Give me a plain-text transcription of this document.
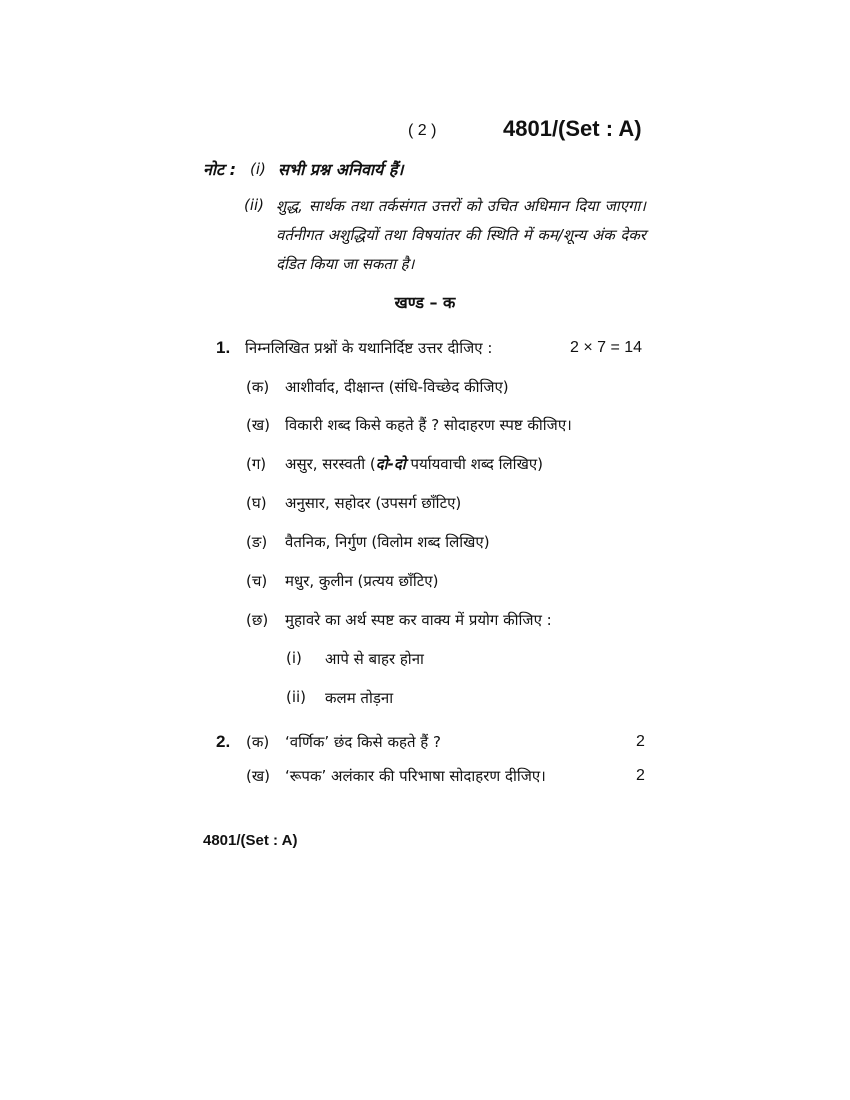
( 2 )	4801/(Set : A)
नोट : (i) सभी प्रश्न अनिवार्य हैं।
(ii) शुद्ध, सार्थक तथा तर्कसंगत उत्तरों को उचित अधिमान दिया जाएगा। वर्तनीगत अशुद्धियों तथा विषयांतर की स्थिति में कम/शून्य अंक देकर दंडित किया जा सकता है।
खण्ड – क
1. निम्नलिखित प्रश्नों के यथानिर्दिष्ट उत्तर दीजिए :	2 × 7 = 14
(क) आशीर्वाद, दीक्षान्त (संधि-विच्छेद कीजिए)
(ख) विकारी शब्द किसे कहते हैं ? सोदाहरण स्पष्ट कीजिए।
(ग) असुर, सरस्वती (दो-दो पर्यायवाची शब्द लिखिए)
(घ) अनुसार, सहोदर (उपसर्ग छाँटिए)
(ङ) वैतनिक, निर्गुण (विलोम शब्द लिखिए)
(च) मधुर, कुलीन (प्रत्यय छाँटिए)
(छ) मुहावरे का अर्थ स्पष्ट कर वाक्य में प्रयोग कीजिए :
(i) आपे से बाहर होना
(ii) कलम तोड़ना
2. (क) ‘वर्णिक’ छंद किसे कहते हैं ?	2
(ख) ‘रूपक’ अलंकार की परिभाषा सोदाहरण दीजिए।	2
4801/(Set : A)
